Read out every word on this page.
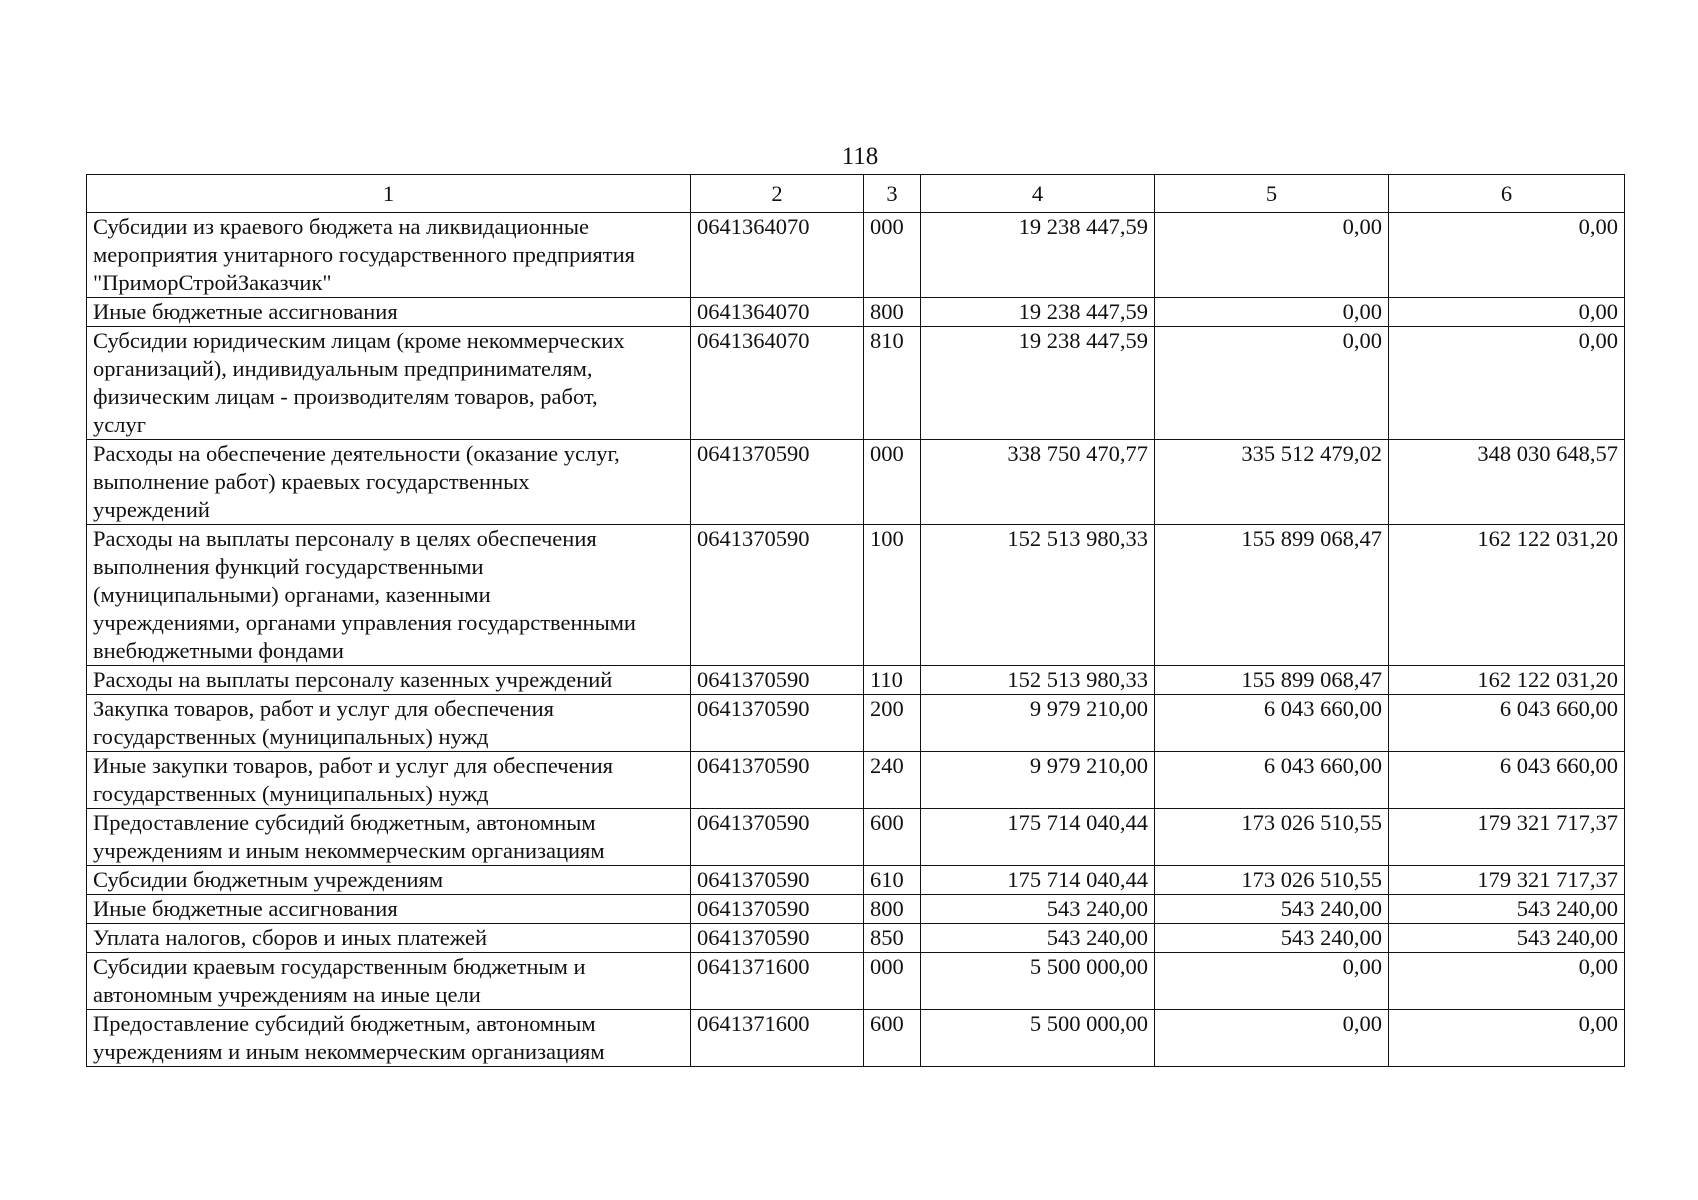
118
1	2	3	4	5	6

Субсидии из краевого бюджета на ликвидационные
мероприятия унитарного государственного предприятия
"ПриморСтройЗаказчик"	0641364070	000	19 238 447,59	0,00	0,00

Иные бюджетные ассигнования	0641364070	800	19 238 447,59	0,00	0,00

Субсидии юридическим лицам (кроме некоммерческих
организаций), индивидуальным предпринимателям,
физическим лицам - производителям товаров, работ,
услуг	0641364070	810	19 238 447,59	0,00	0,00

Расходы на обеспечение деятельности (оказание услуг,
выполнение работ) краевых государственных
учреждений	0641370590	000	338 750 470,77	335 512 479,02	348 030 648,57

Расходы на выплаты персоналу в целях обеспечения
выполнения функций государственными
(муниципальными) органами, казенными
учреждениями, органами управления государственными
внебюджетными фондами	0641370590	100	152 513 980,33	155 899 068,47	162 122 031,20

Расходы на выплаты персоналу казенных учреждений	0641370590	110	152 513 980,33	155 899 068,47	162 122 031,20

Закупка товаров, работ и услуг для обеспечения
государственных (муниципальных) нужд	0641370590	200	9 979 210,00	6 043 660,00	6 043 660,00

Иные закупки товаров, работ и услуг для обеспечения
государственных (муниципальных) нужд	0641370590	240	9 979 210,00	6 043 660,00	6 043 660,00

Предоставление субсидий бюджетным, автономным
учреждениям и иным некоммерческим организациям	0641370590	600	175 714 040,44	173 026 510,55	179 321 717,37

Субсидии бюджетным учреждениям	0641370590	610	175 714 040,44	173 026 510,55	179 321 717,37

Иные бюджетные ассигнования	0641370590	800	543 240,00	543 240,00	543 240,00

Уплата налогов, сборов и иных платежей	0641370590	850	543 240,00	543 240,00	543 240,00

Субсидии краевым государственным бюджетным и
автономным учреждениям на иные цели	0641371600	000	5 500 000,00	0,00	0,00

Предоставление субсидий бюджетным, автономным
учреждениям и иным некоммерческим организациям	0641371600	600	5 500 000,00	0,00	0,00
